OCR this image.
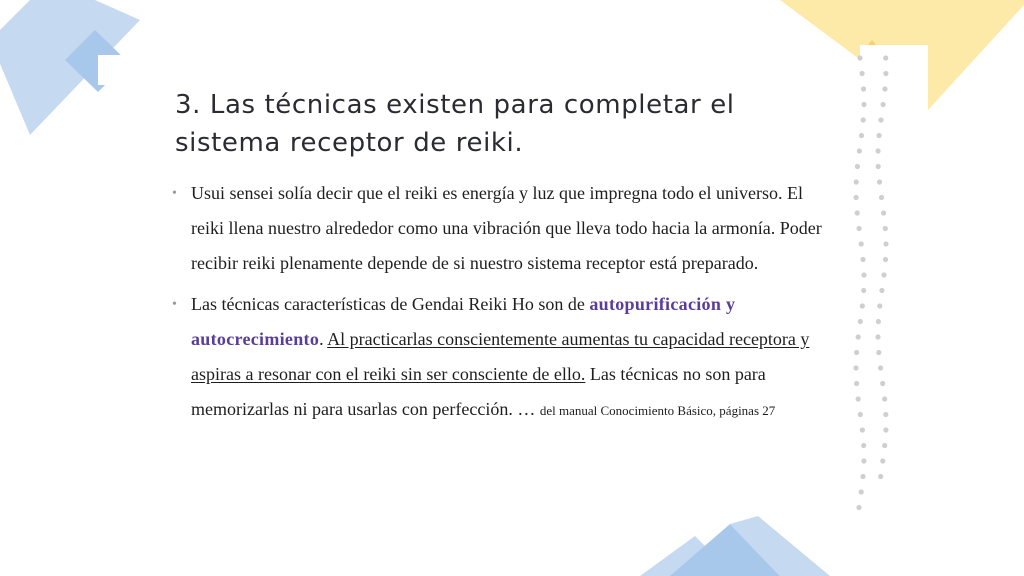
3. Las técnicas existen para completar el
sistema receptor de reiki.
• Usui sensei solía decir que el reiki es energía y luz que impregna todo el universo. El reiki llena nuestro alrededor como una vibración que lleva todo hacia la armonía. Poder recibir reiki plenamente depende de si nuestro sistema receptor está preparado.
• Las técnicas características de Gendai Reiki Ho son de autopurificación y autocrecimiento. Al practicarlas conscientemente aumentas tu capacidad receptora y aspiras a resonar con el reiki sin ser consciente de ello. Las técnicas no son para memorizarlas ni para usarlas con perfección. … del manual Conocimiento Básico, páginas 27
